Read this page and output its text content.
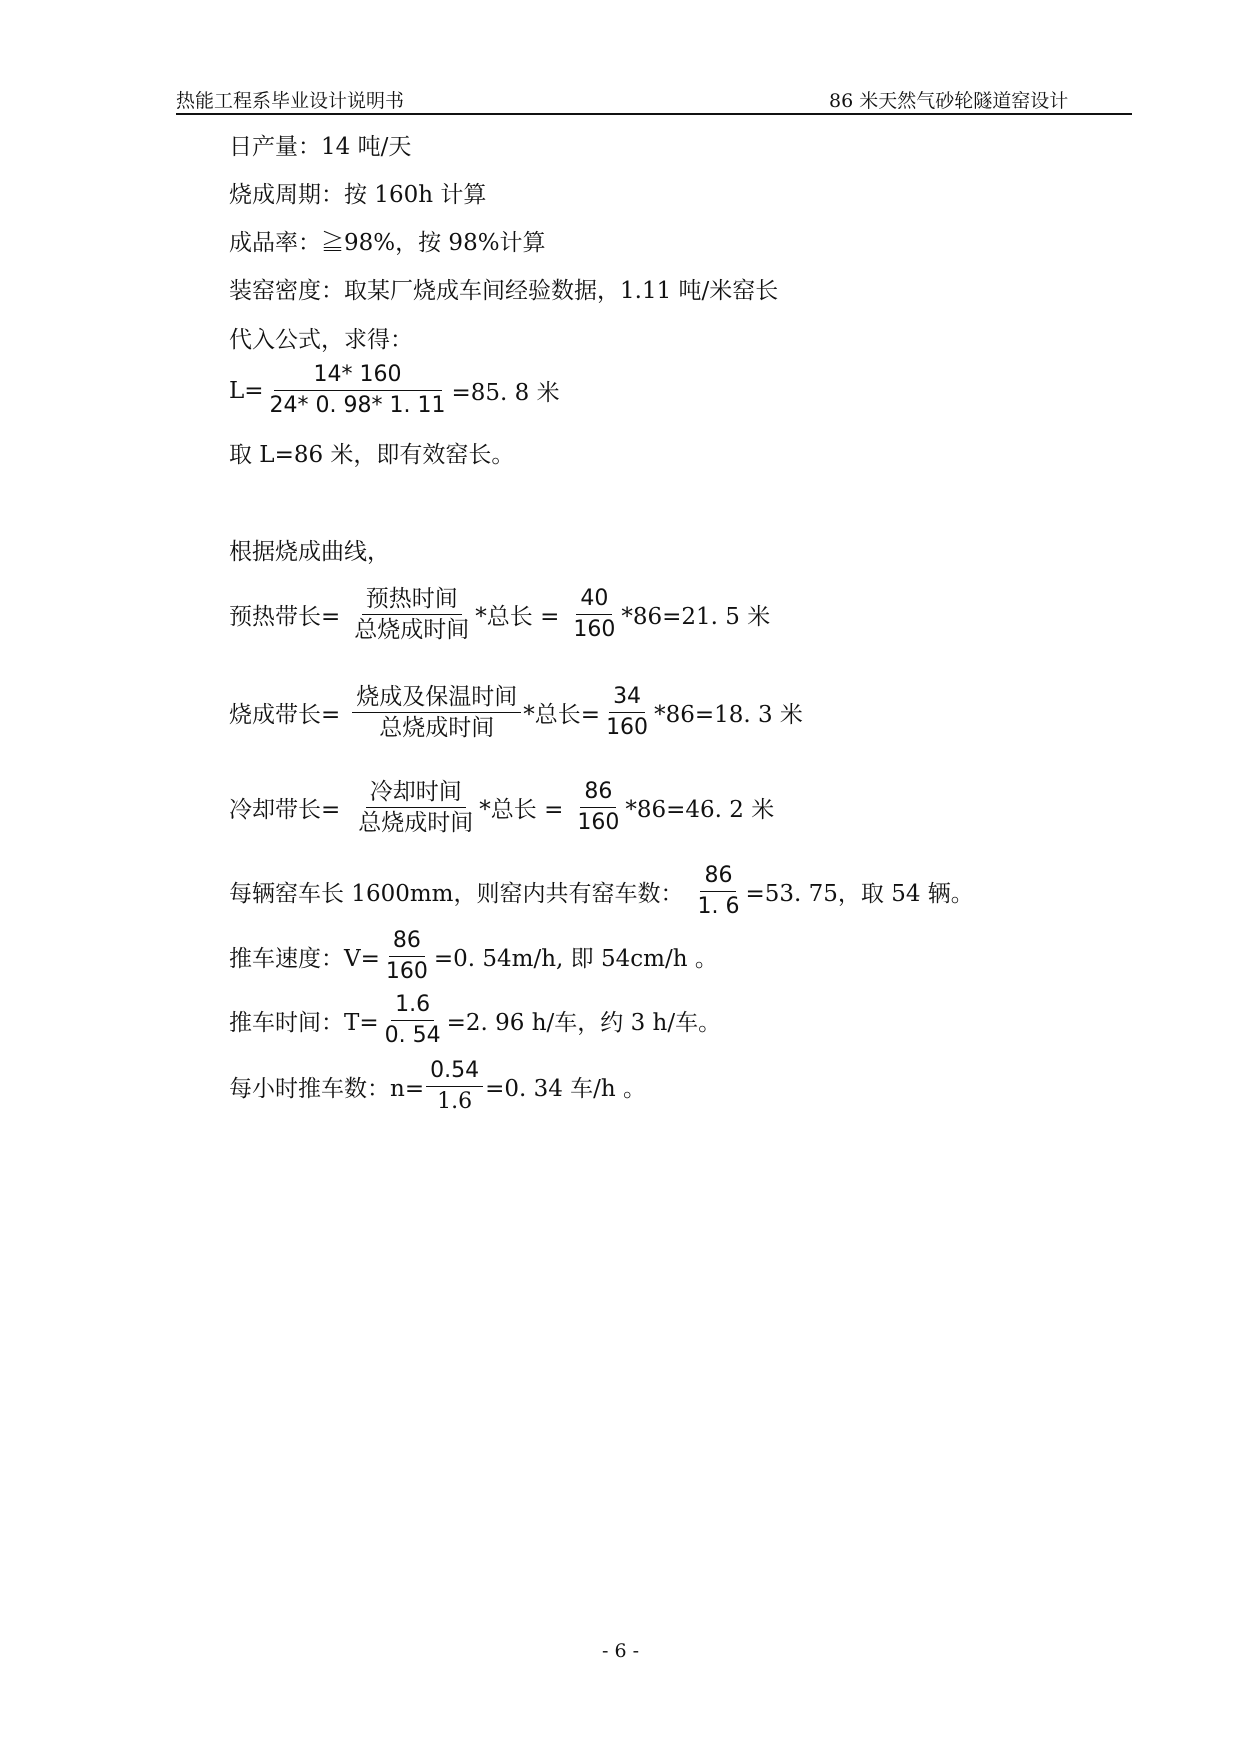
热能工程系毕业设计说明书	86 米天然气砂轮隧道窑设计
日产量：14 吨/天
烧成周期：按 160h 计算
成品率：≧98%，按 98%计算
装窑密度：取某厂烧成车间经验数据，1.11 吨/米窑长
代入公式，求得：
$L= \frac{14* 160}{24* 0. 98* 1. 11} =85$. 8 米
取 L=86 米，即有效窑长。
根据烧成曲线，
预热带长= $\frac{\text{预热时间}}{\text{总烧成时间}}$ *总长 = $\frac{40}{160} *86=21$. 5 米
烧成带长= $\frac{\text{烧成及保温时间}}{\text{总烧成时间}}$ *总长= $\frac{34}{160} *86=18$. 3 米
冷却带长= $\frac{\text{冷却时间}}{\text{总烧成时间}}$ *总长 = $\frac{86}{160} *86=46$. 2 米
每辆窑车长 1600mm，则窑内共有窑车数： $\frac{86}{1. 6} =53$. 75，取 54 辆。
推车速度：$V= \frac{86}{160} =0$. 54m/h, 即 54cm/h 。
推车时间：$T= \frac{1.6}{0. 54} =2$. 96 h/车，约 3 h/车。
每小时推车数：$n= \frac{0.54}{1.6} =0$. 34 车/h 。
- 6 -
